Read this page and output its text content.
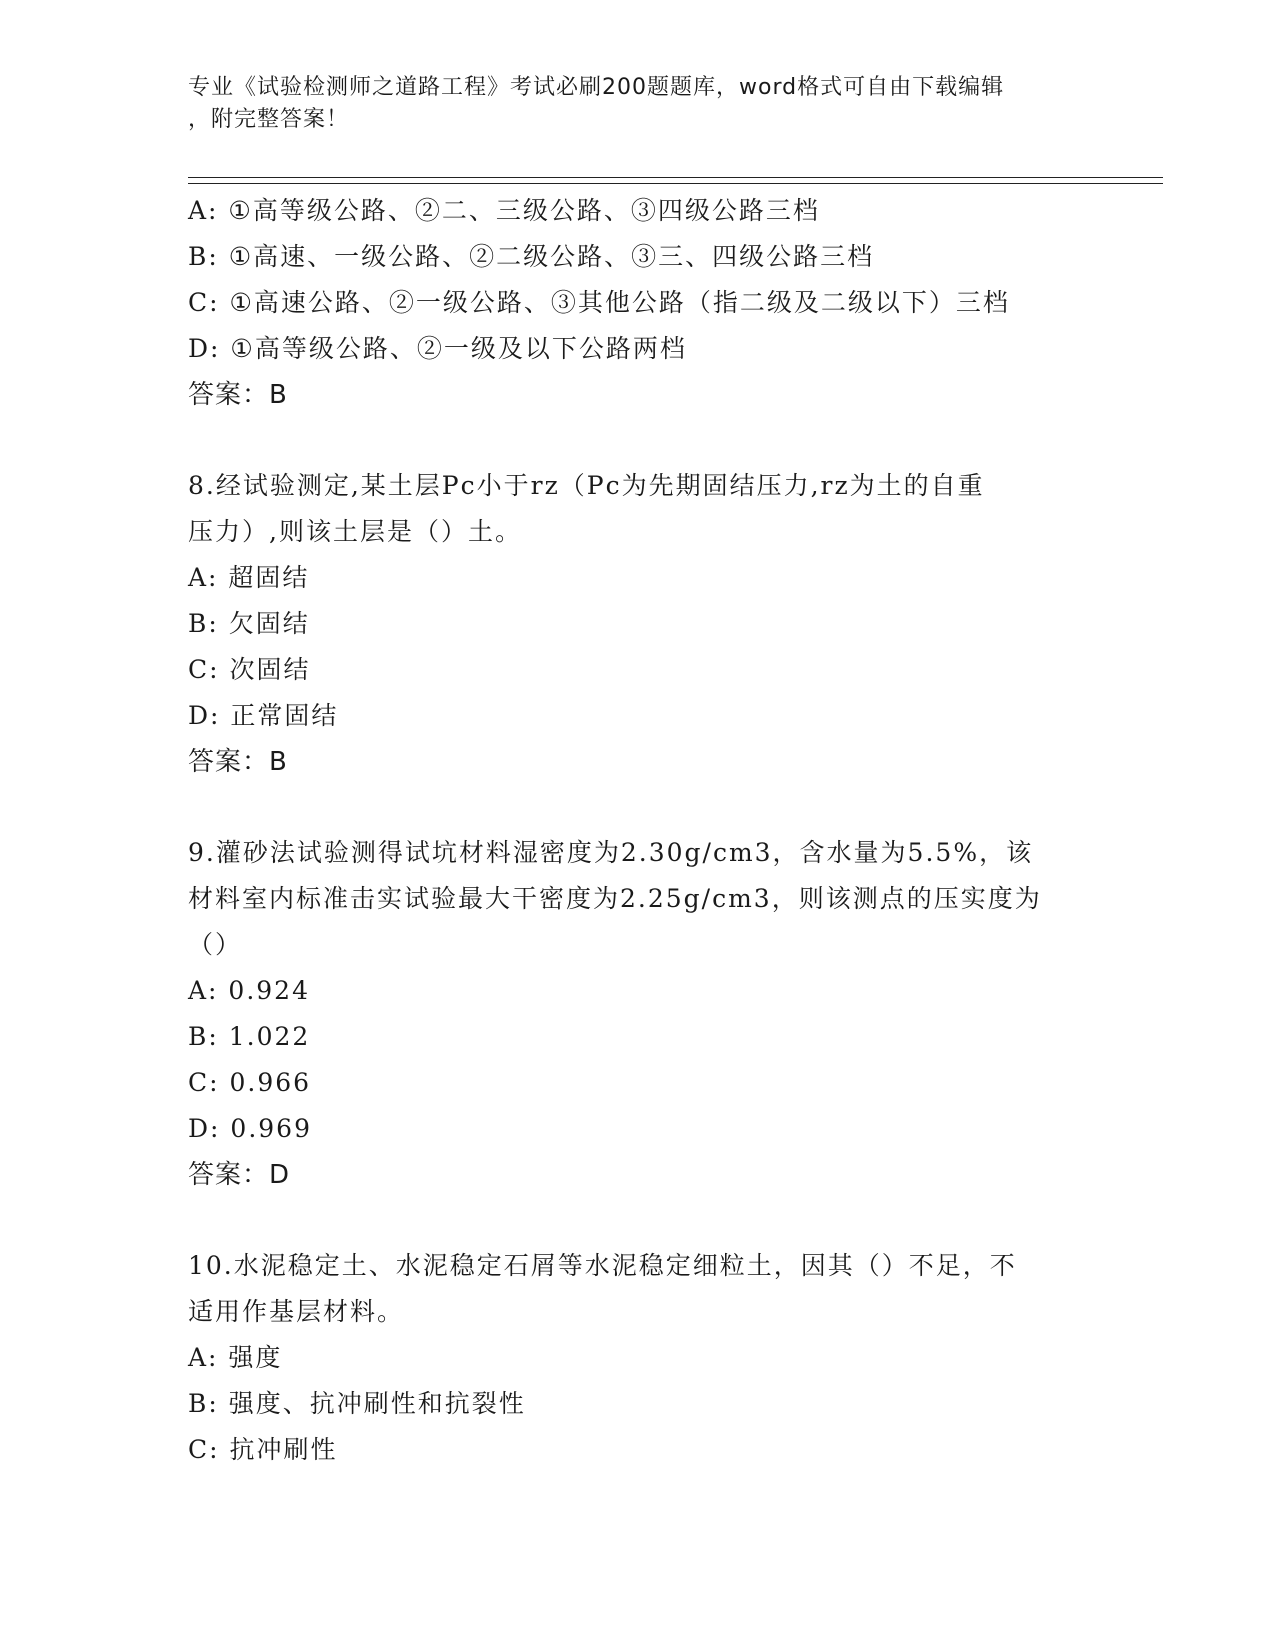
专业《试验检测师之道路工程》考试必刷200题题库，word格式可自由下载编辑
，附完整答案！
A: ①高等级公路、②二、三级公路、③四级公路三档
B: ①高速、一级公路、②二级公路、③三、四级公路三档
C: ①高速公路、②一级公路、③其他公路（指二级及二级以下）三档
D: ①高等级公路、②一级及以下公路两档
答案：B
8.经试验测定,某土层Pc小于rz（Pc为先期固结压力,rz为土的自重
压力）,则该土层是（）土。
A: 超固结
B: 欠固结
C: 次固结
D: 正常固结
答案：B
9.灌砂法试验测得试坑材料湿密度为2.30g/cm3，含水量为5.5%，该
材料室内标准击实试验最大干密度为2.25g/cm3，则该测点的压实度为
（）
A: 0.924
B: 1.022
C: 0.966
D: 0.969
答案：D
10.水泥稳定土、水泥稳定石屑等水泥稳定细粒土，因其（）不足，不
适用作基层材料。
A: 强度
B: 强度、抗冲刷性和抗裂性
C: 抗冲刷性
